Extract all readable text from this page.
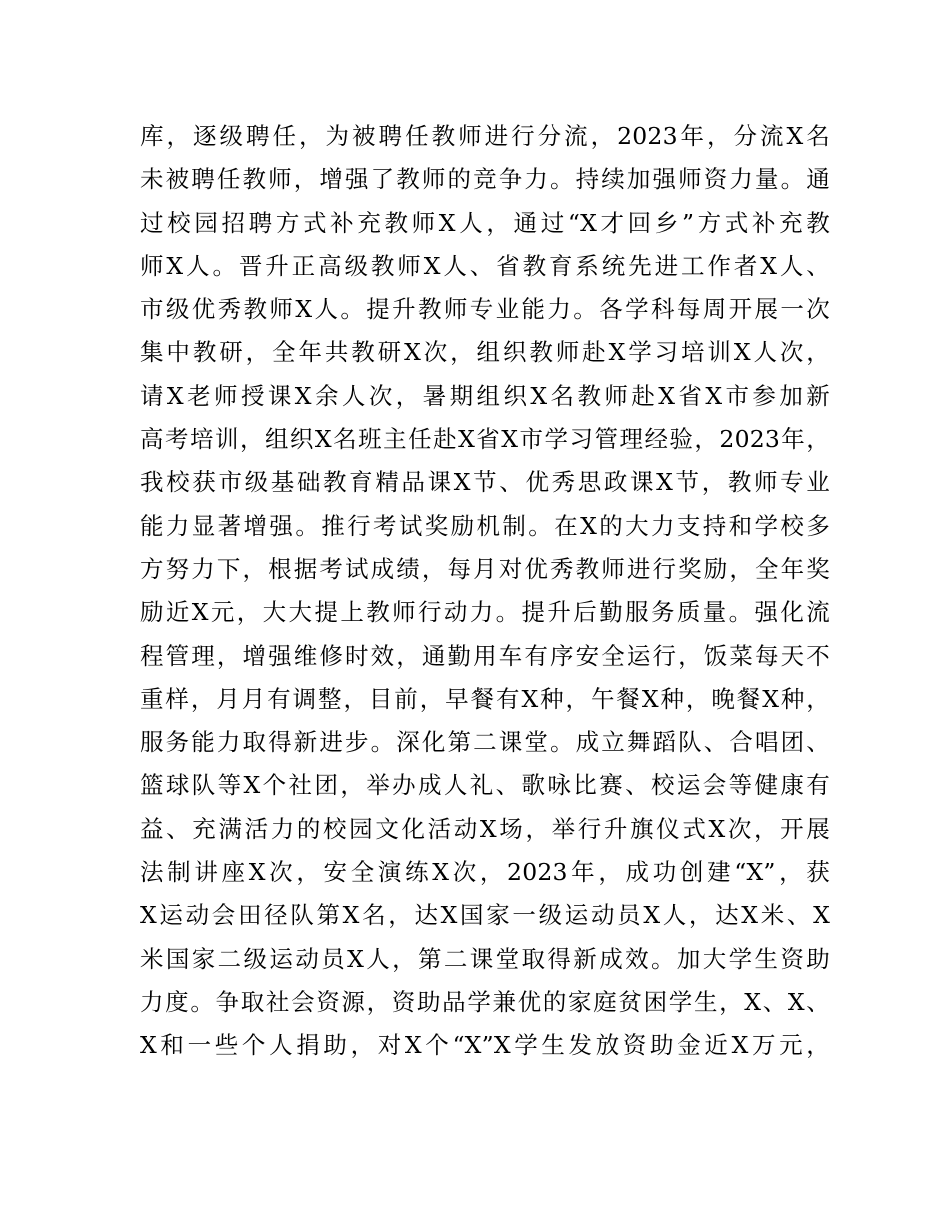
库，逐级聘任，为被聘任教师进行分流，2023年，分流X名
未被聘任教师，增强了教师的竞争力。持续加强师资力量。通
过校园招聘方式补充教师X人，通过“X才回乡”方式补充教
师X人。晋升正高级教师X人、省教育系统先进工作者X人、
市级优秀教师X人。提升教师专业能力。各学科每周开展一次
集中教研，全年共教研X次，组织教师赴X学习培训X人次，
请X老师授课X余人次，暑期组织X名教师赴X省X市参加新
高考培训，组织X名班主任赴X省X市学习管理经验，2023年，
我校获市级基础教育精品课X节、优秀思政课X节，教师专业
能力显著增强。推行考试奖励机制。在X的大力支持和学校多
方努力下，根据考试成绩，每月对优秀教师进行奖励，全年奖
励近X元，大大提上教师行动力。提升后勤服务质量。强化流
程管理，增强维修时效，通勤用车有序安全运行，饭菜每天不
重样，月月有调整，目前，早餐有X种，午餐X种，晚餐X种，
服务能力取得新进步。深化第二课堂。成立舞蹈队、合唱团、
篮球队等X个社团，举办成人礼、歌咏比赛、校运会等健康有
益、充满活力的校园文化活动X场，举行升旗仪式X次，开展
法制讲座X次，安全演练X次，2023年，成功创建“X”，获
X运动会田径队第X名，达X国家一级运动员X人，达X米、X
米国家二级运动员X人，第二课堂取得新成效。加大学生资助
力度。争取社会资源，资助品学兼优的家庭贫困学生，X、X、
X和一些个人捐助，对X个“X”X学生发放资助金近X万元，
